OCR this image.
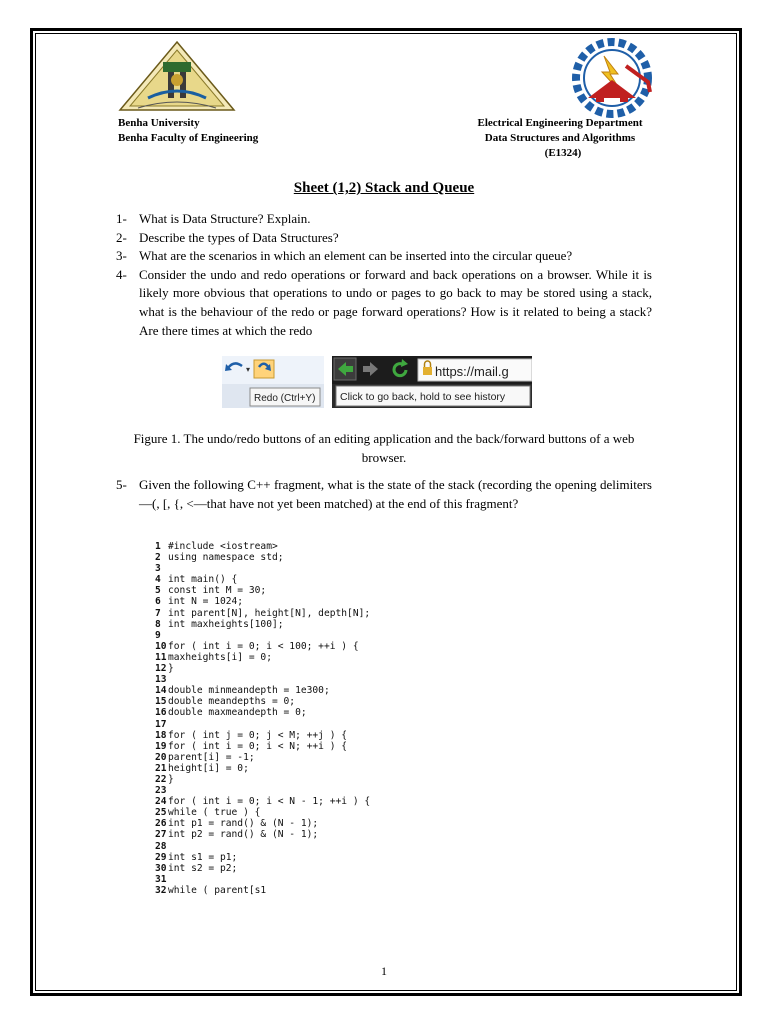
Benha University
Benha Faculty of Engineering
Electrical Engineering Department
Data Structures and Algorithms
(E1324)
Sheet (1,2) Stack and Queue
1- What is Data Structure? Explain.
2- Describe the types of Data Structures?
3- What are the scenarios in which an element can be inserted into the circular queue?
4- Consider the undo and redo operations or forward and back operations on a browser. While it is likely more obvious that operations to undo or pages to go back to may be stored using a stack, what is the behaviour of the redo or page forward operations? How is it related to being a stack? Are there times at which the redo
▾
Redo (Ctrl+Y)
https://mail.g
Click to go back, hold to see history
Figure 1. The undo/redo buttons of an editing application and the back/forward buttons of a web browser.
5- Given the following C++ fragment, what is the state of the stack (recording the opening delimiters—(, [, {, <—that have not yet been matched) at the end of this fragment?
1 #include <iostream>
2 using namespace std;
3
4 int main() {
5 const int M = 30;
6 int N = 1024;
7 int parent[N], height[N], depth[N];
8 int maxheights[100];
9
10 for ( int i = 0; i < 100; ++i ) {
11 maxheights[i] = 0;
12 }
13
14 double minmeandepth = 1e300;
15 double meandepths = 0;
16 double maxmeandepth = 0;
17
18 for ( int j = 0; j < M; ++j ) {
19 for ( int i = 0; i < N; ++i ) {
20 parent[i] = -1;
21 height[i] = 0;
22 }
23
24 for ( int i = 0; i < N - 1; ++i ) {
25 while ( true ) {
26 int p1 = rand() & (N - 1);
27 int p2 = rand() & (N - 1);
28
29 int s1 = p1;
30 int s2 = p2;
31
32 while ( parent[s1
1
